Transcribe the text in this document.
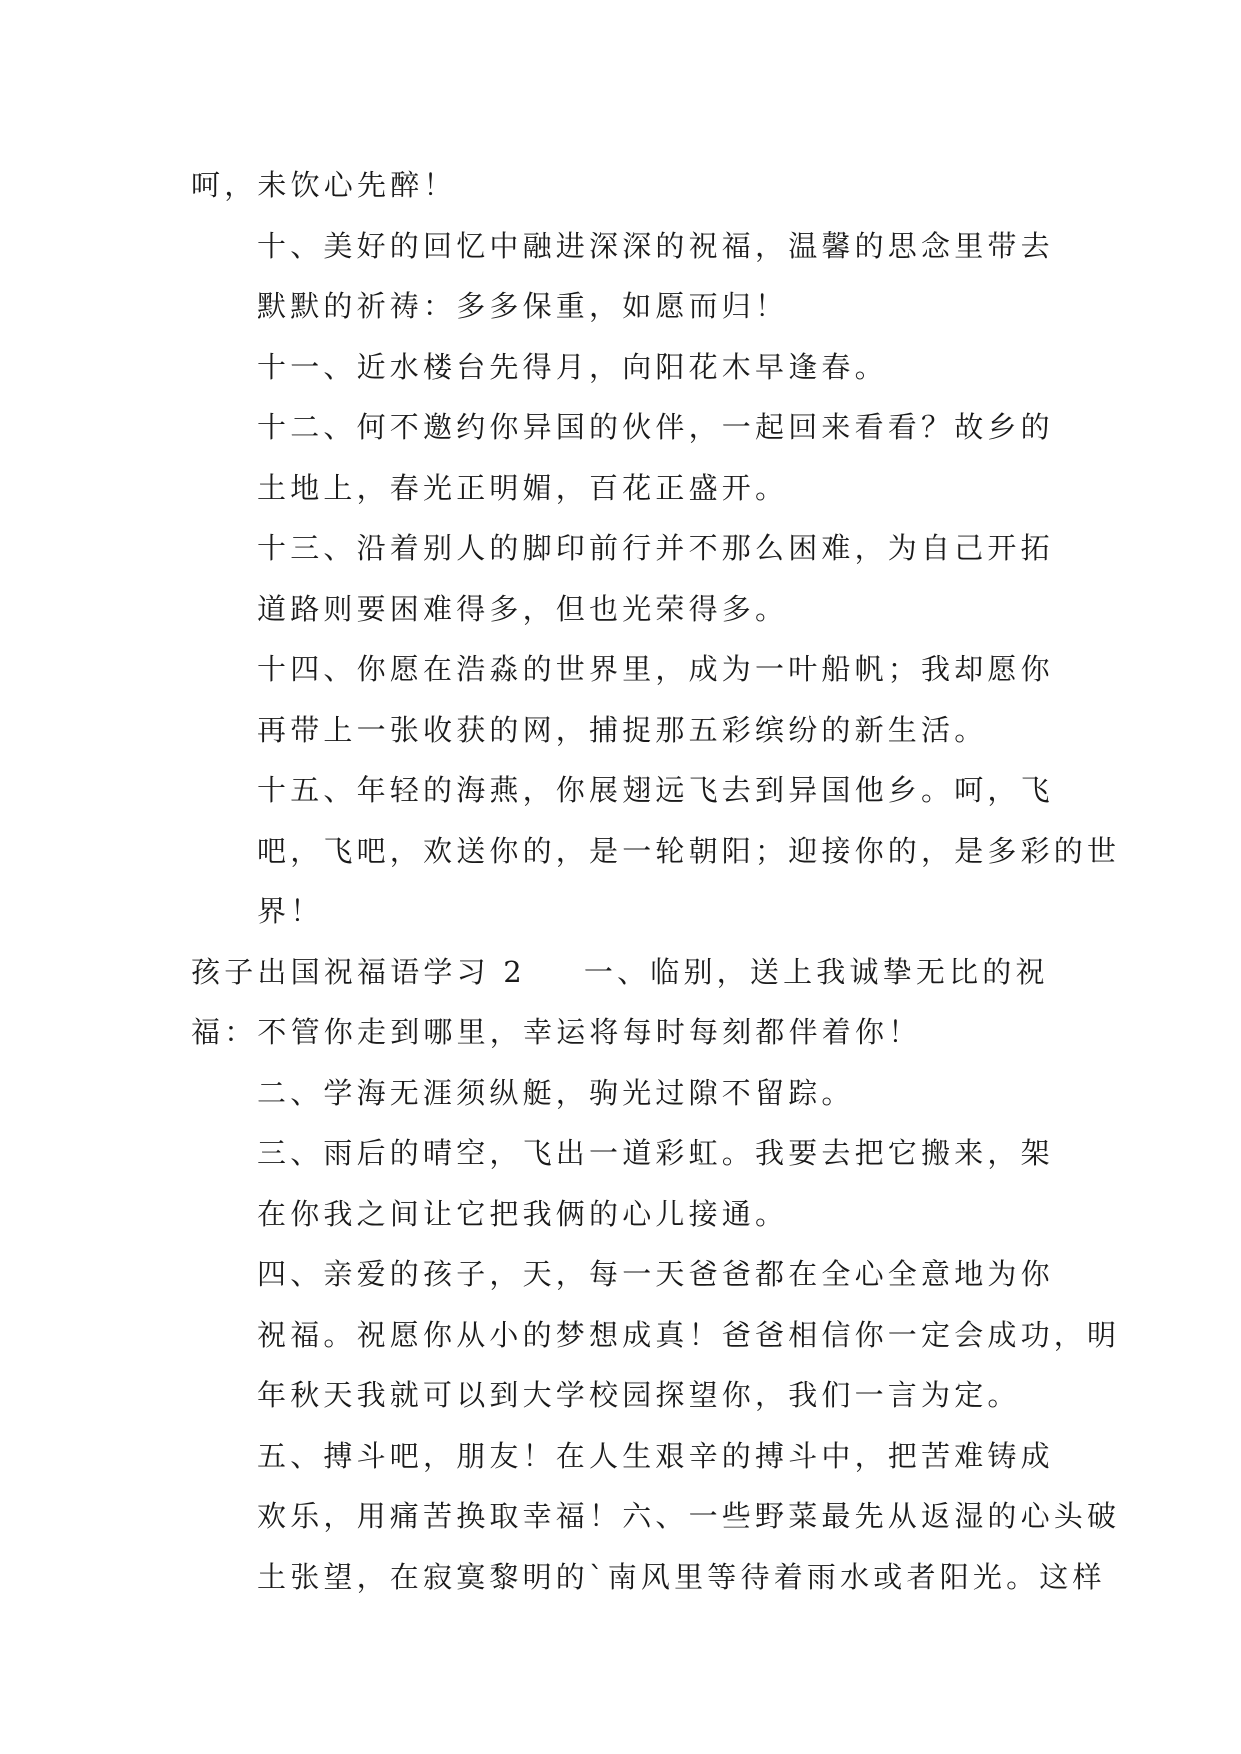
呵，未饮心先醉！
十、美好的回忆中融进深深的祝福，温馨的思念里带去
默默的祈祷：多多保重，如愿而归！
十一、近水楼台先得月，向阳花木早逢春。
十二、何不邀约你异国的伙伴，一起回来看看？故乡的
土地上，春光正明媚，百花正盛开。
十三、沿着别人的脚印前行并不那么困难，为自己开拓
道路则要困难得多，但也光荣得多。
十四、你愿在浩淼的世界里，成为一叶船帆；我却愿你
再带上一张收获的网，捕捉那五彩缤纷的新生活。
十五、年轻的海燕，你展翅远飞去到异国他乡。呵，飞
吧，飞吧，欢送你的，是一轮朝阳；迎接你的，是多彩的世
界！
孩子出国祝福语学习 2 一、临别，送上我诚挚无比的祝
福：不管你走到哪里，幸运将每时每刻都伴着你！
二、学海无涯须纵艇，驹光过隙不留踪。
三、雨后的晴空，飞出一道彩虹。我要去把它搬来，架
在你我之间让它把我俩的心儿接通。
四、亲爱的孩子，天，每一天爸爸都在全心全意地为你
祝福。祝愿你从小的梦想成真！爸爸相信你一定会成功，明
年秋天我就可以到大学校园探望你，我们一言为定。
五、搏斗吧，朋友！在人生艰辛的搏斗中，把苦难铸成
欢乐，用痛苦换取幸福！六、一些野菜最先从返湿的心头破
土张望，在寂寞黎明的`南风里等待着雨水或者阳光。这样
